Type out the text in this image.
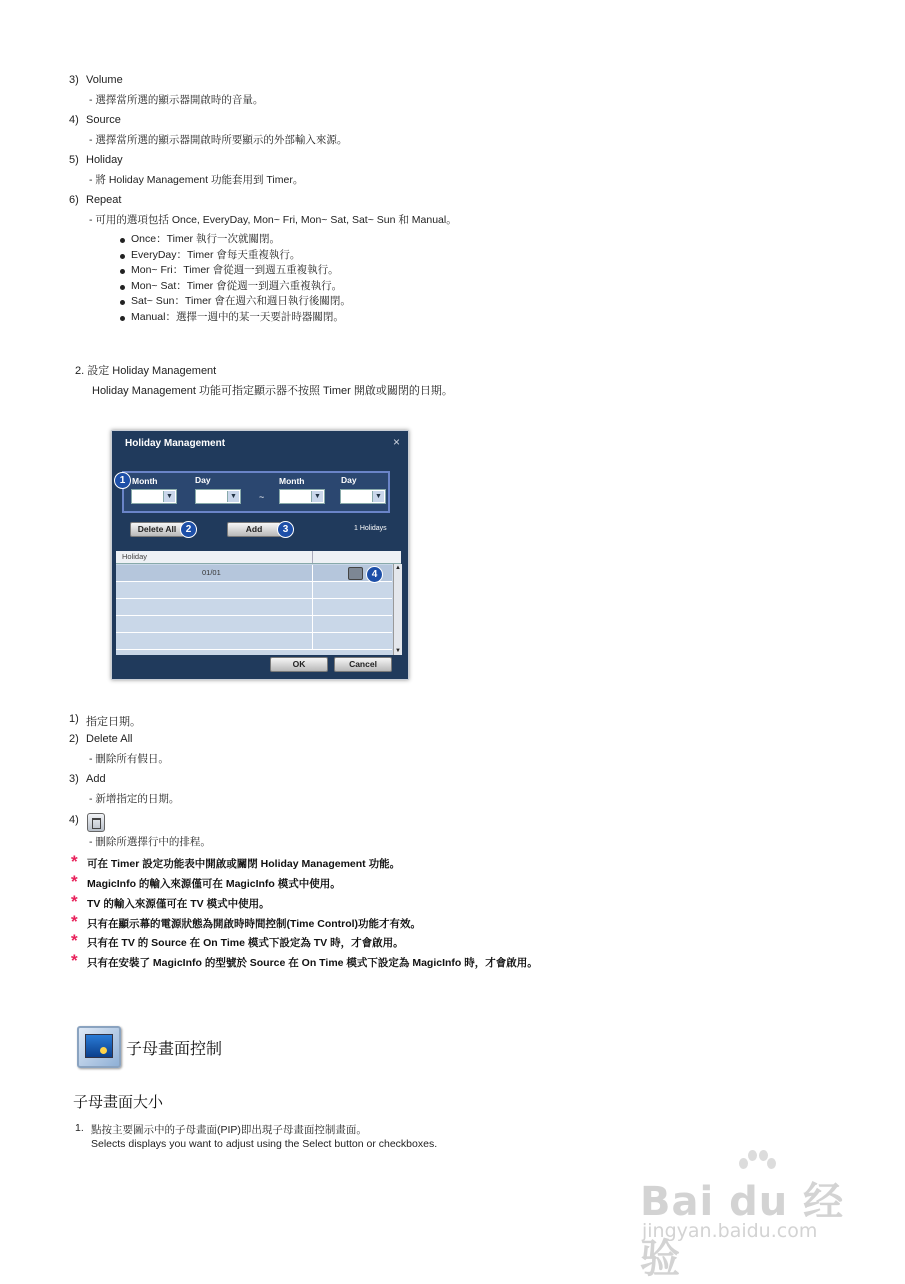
3) Volume
- 選擇當所選的顯示器開啟時的音量。
4) Source
- 選擇當所選的顯示器開啟時所要顯示的外部輸入來源。
5) Holiday
- 將 Holiday Management 功能套用到 Timer。
6) Repeat
- 可用的選項包括 Once, EveryDay, Mon~ Fri, Mon~ Sat, Sat~ Sun 和 Manual。
Once：Timer 執行一次就關閉。
EveryDay：Timer 會每天重複執行。
Mon~ Fri：Timer 會從週一到週五重複執行。
Mon~ Sat：Timer 會從週一到週六重複執行。
Sat~ Sun：Timer 會在週六和週日執行後關閉。
Manual：選擇一週中的某一天要計時器關閉。
2. 設定 Holiday Management
Holiday Management 功能可指定顯示器不按照 Timer 開啟或關閉的日期。
Holiday Management	×
Month	Day	Month	Day
▼	▼ ~	▼	▼
1
Delete All 2	Add	3	1 Holidays
Holiday
01/01	▲
▼
4
OK	Cancel
1) 指定日期。
2) Delete All
- 刪除所有假日。
3) Add
- 新增指定的日期。
4)
- 刪除所選擇行中的排程。
* 可在 Timer 設定功能表中開啟或關閉 Holiday Management 功能。
* MagicInfo 的輸入來源僅可在 MagicInfo 模式中使用。
* TV 的輸入來源僅可在 TV 模式中使用。
* 只有在顯示幕的電源狀態為開啟時時間控制(Time Control)功能才有效。
* 只有在 TV 的 Source 在 On Time 模式下設定為 TV 時，才會啟用。
* 只有在安裝了 MagicInfo 的型號於 Source 在 On Time 模式下設定為 MagicInfo 時，才會啟用。
子母畫面控制
子母畫面大小
1. 點按主要圖示中的子母畫面(PIP)即出現子母畫面控制畫面。
Selects displays you want to adjust using the Select button or checkboxes.
Bai du 经验
jingyan.baidu.com
